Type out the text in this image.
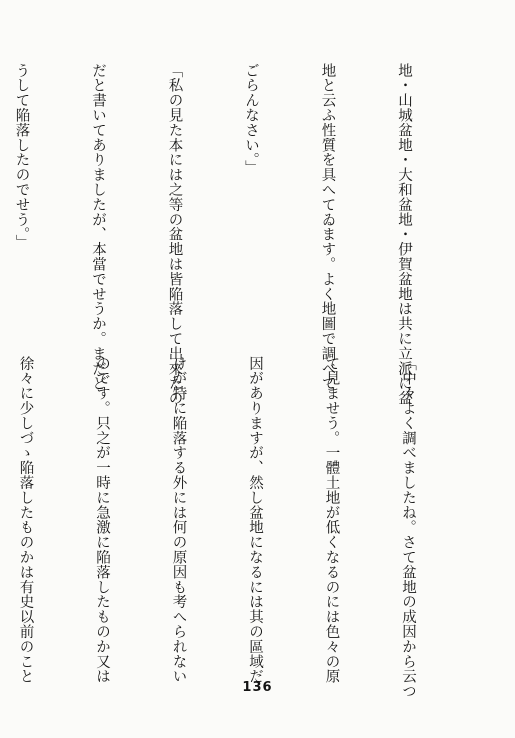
地・山城盆地・大和盆地・伊賀盆地は共に立派に盆

地と云ふ性質を具へてゐます。よく地圖で調べて

ごらんなさい。」

「私の見た本には之等の盆地は皆陥落して出來たの

だと書いてありましたが、本當でせうか。まだど

うして陥落したのでせう。」

「中々よく調べましたね。さて盆地の成因から云つ

て見ませう。一體土地が低くなるのには色々の原

因がありますが、然し盆地になるには其の區域だ

けが特に陥落する外には何の原因も考へられない

のです。只之が一時に急激に陥落したものか又は

徐々に少しづゝ陥落したものかは有史以前のこと

136
